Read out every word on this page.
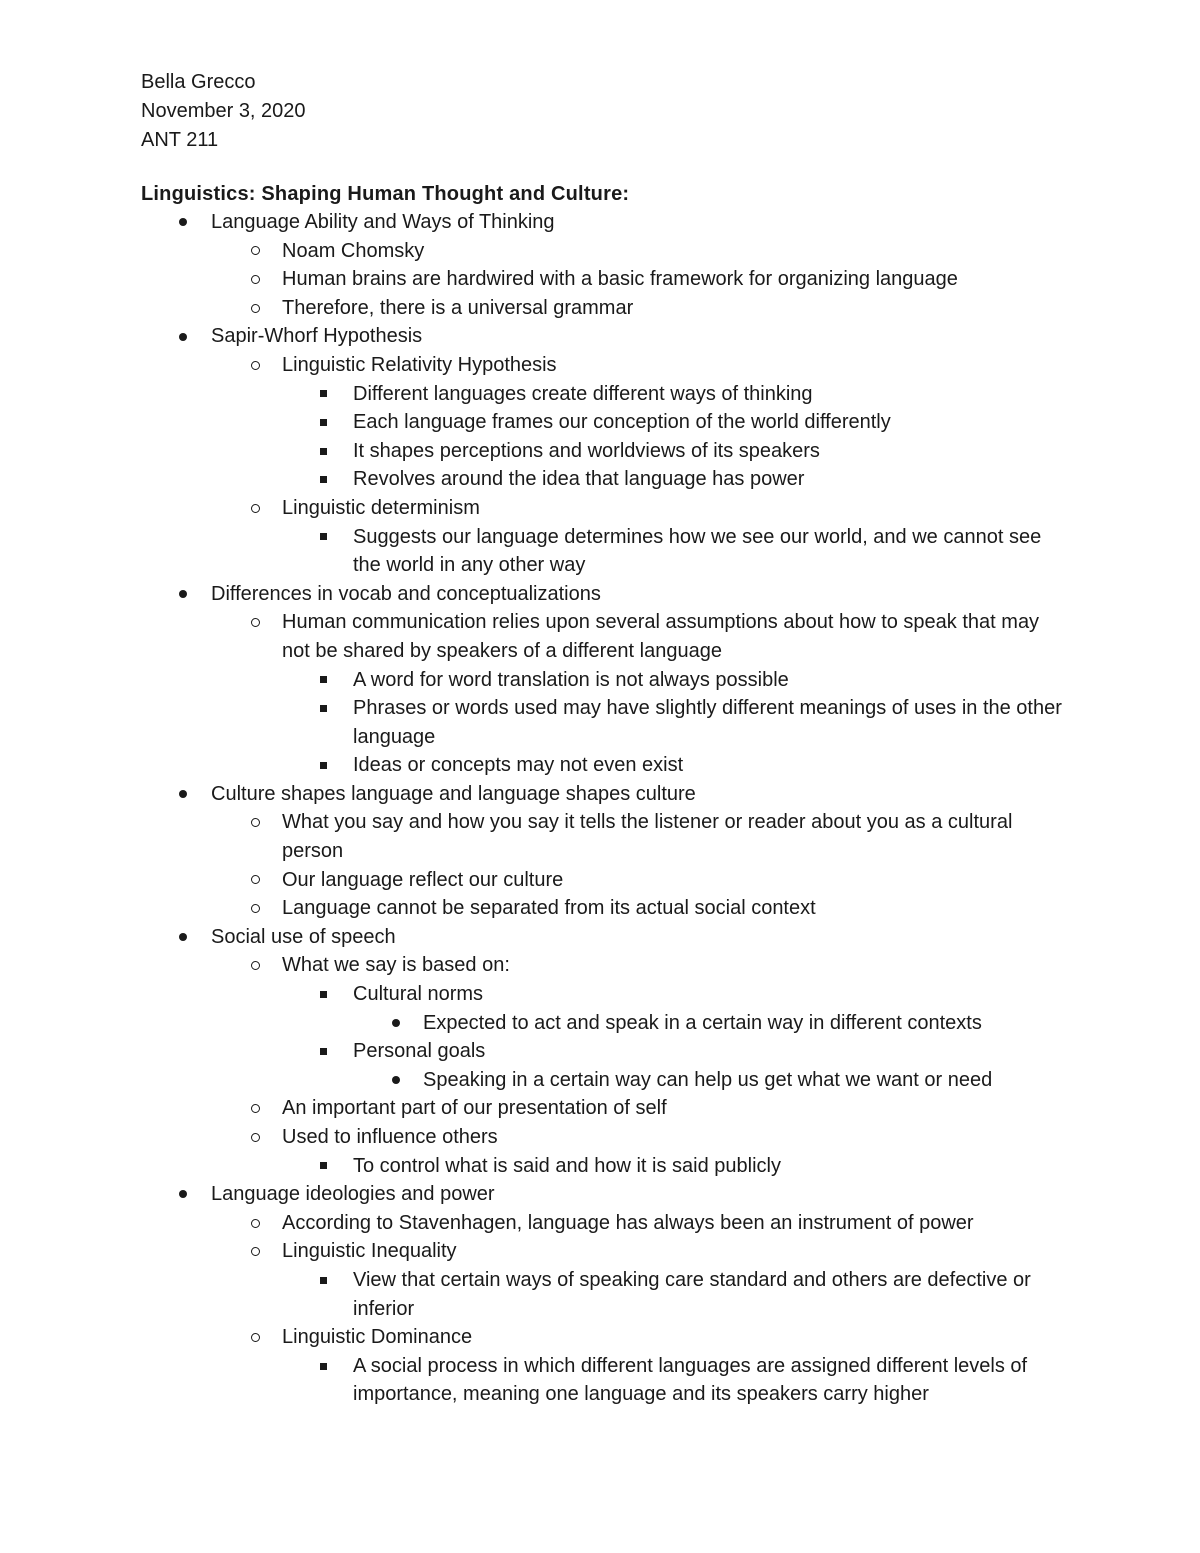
Bella Grecco
November 3, 2020
ANT 211
Linguistics: Shaping Human Thought and Culture:
Language Ability and Ways of Thinking
Noam Chomsky
Human brains are hardwired with a basic framework for organizing language
Therefore, there is a universal grammar
Sapir-Whorf Hypothesis
Linguistic Relativity Hypothesis
Different languages create different ways of thinking
Each language frames our conception of the world differently
It shapes perceptions and worldviews of its speakers
Revolves around the idea that language has power
Linguistic determinism
Suggests our language determines how we see our world, and we cannot see the world in any other way
Differences in vocab and conceptualizations
Human communication relies upon several assumptions about how to speak that may not be shared by speakers of a different language
A word for word translation is not always possible
Phrases or words used may have slightly different meanings of uses in the other language
Ideas or concepts may not even exist
Culture shapes language and language shapes culture
What you say and how you say it tells the listener or reader about you as a cultural person
Our language reflect our culture
Language cannot be separated from its actual social context
Social use of speech
What we say is based on:
Cultural norms
Expected to act and speak in a certain way in different contexts
Personal goals
Speaking in a certain way can help us get what we want or need
An important part of our presentation of self
Used to influence others
To control what is said and how it is said publicly
Language ideologies and power
According to Stavenhagen, language has always been an instrument of power
Linguistic Inequality
View that certain ways of speaking care standard and others are defective or inferior
Linguistic Dominance
A social process in which different languages are assigned different levels of importance, meaning one language and its speakers carry higher
